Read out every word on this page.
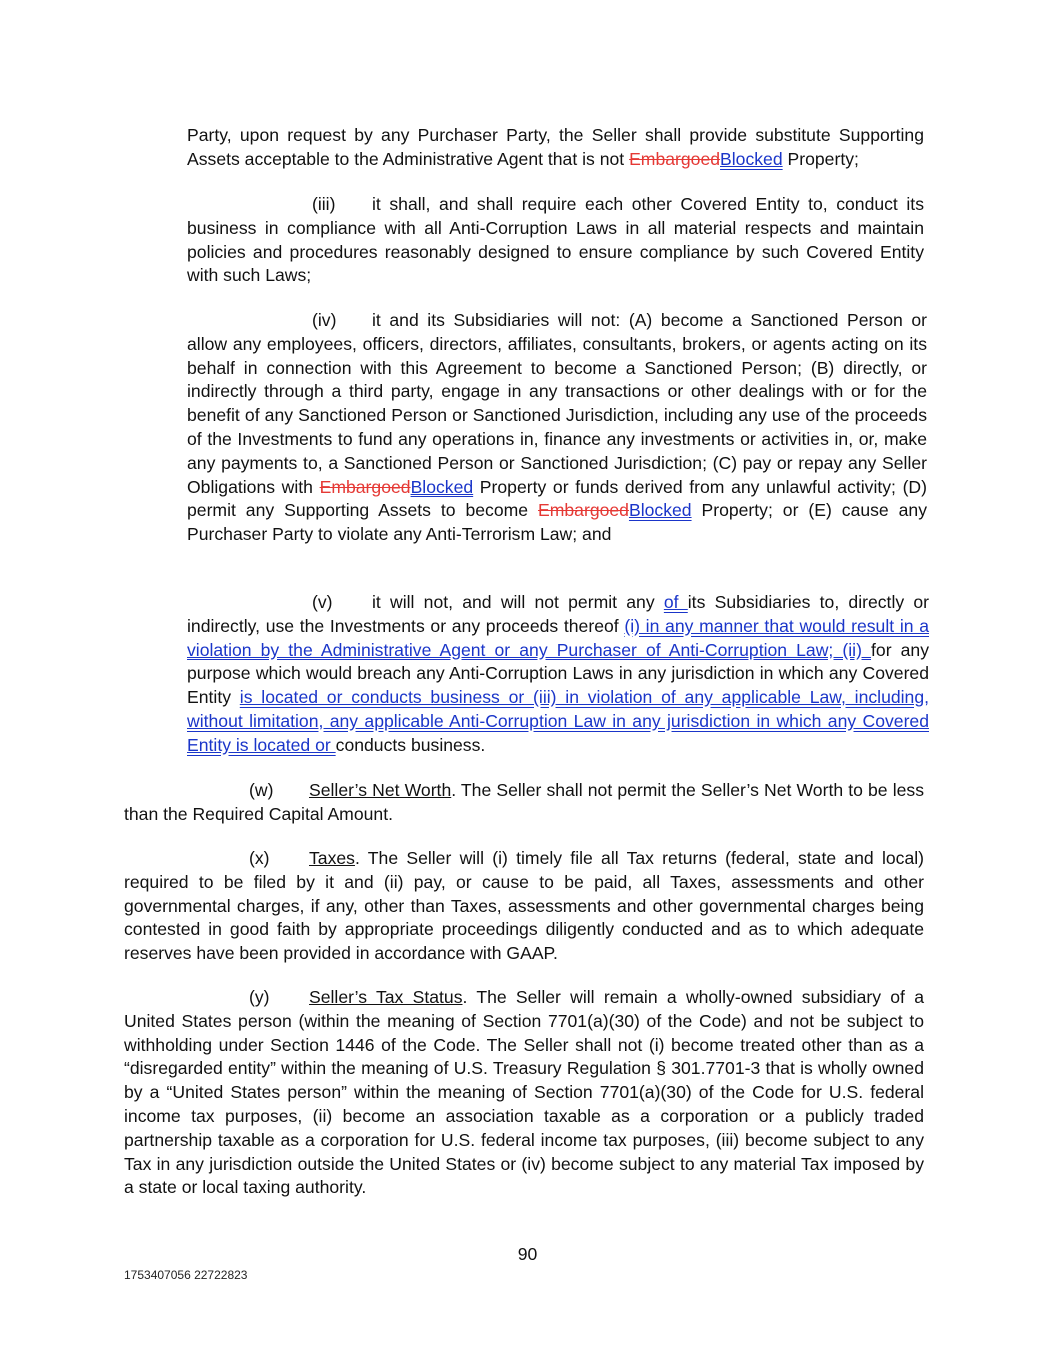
Party, upon request by any Purchaser Party, the Seller shall provide substitute Supporting Assets acceptable to the Administrative Agent that is not EmbargoedBlocked Property;

(iii) it shall, and shall require each other Covered Entity to, conduct its business in compliance with all Anti-Corruption Laws in all material respects and maintain policies and procedures reasonably designed to ensure compliance by such Covered Entity with such Laws;

(iv) it and its Subsidiaries will not: (A) become a Sanctioned Person or allow any employees, officers, directors, affiliates, consultants, brokers, or agents acting on its behalf in connection with this Agreement to become a Sanctioned Person; (B) directly, or indirectly through a third party, engage in any transactions or other dealings with or for the benefit of any Sanctioned Person or Sanctioned Jurisdiction, including any use of the proceeds of the Investments to fund any operations in, finance any investments or activities in, or, make any payments to, a Sanctioned Person or Sanctioned Jurisdiction; (C) pay or repay any Seller Obligations with EmbargoedBlocked Property or funds derived from any unlawful activity; (D) permit any Supporting Assets to become EmbargoedBlocked Property; or (E) cause any Purchaser Party to violate any Anti-Terrorism Law; and

(v) it will not, and will not permit any of its Subsidiaries to, directly or indirectly, use the Investments or any proceeds thereof (i) in any manner that would result in a violation by the Administrative Agent or any Purchaser of Anti-Corruption Law; (ii) for any purpose which would breach any Anti-Corruption Laws in any jurisdiction in which any Covered Entity is located or conducts business or (iii) in violation of any applicable Law, including, without limitation, any applicable Anti-Corruption Law in any jurisdiction in which any Covered Entity is located or conducts business.

(w) Seller’s Net Worth. The Seller shall not permit the Seller’s Net Worth to be less than the Required Capital Amount.

(x) Taxes. The Seller will (i) timely file all Tax returns (federal, state and local) required to be filed by it and (ii) pay, or cause to be paid, all Taxes, assessments and other governmental charges, if any, other than Taxes, assessments and other governmental charges being contested in good faith by appropriate proceedings diligently conducted and as to which adequate reserves have been provided in accordance with GAAP.

(y) Seller’s Tax Status. The Seller will remain a wholly-owned subsidiary of a United States person (within the meaning of Section 7701(a)(30) of the Code) and not be subject to withholding under Section 1446 of the Code. The Seller shall not (i) become treated other than as a “disregarded entity” within the meaning of U.S. Treasury Regulation § 301.7701-3 that is wholly owned by a “United States person” within the meaning of Section 7701(a)(30) of the Code for U.S. federal income tax purposes, (ii) become an association taxable as a corporation or a publicly traded partnership taxable as a corporation for U.S. federal income tax purposes, (iii) become subject to any Tax in any jurisdiction outside the United States or (iv) become subject to any material Tax imposed by a state or local taxing authority.

90
1753407056 22722823
